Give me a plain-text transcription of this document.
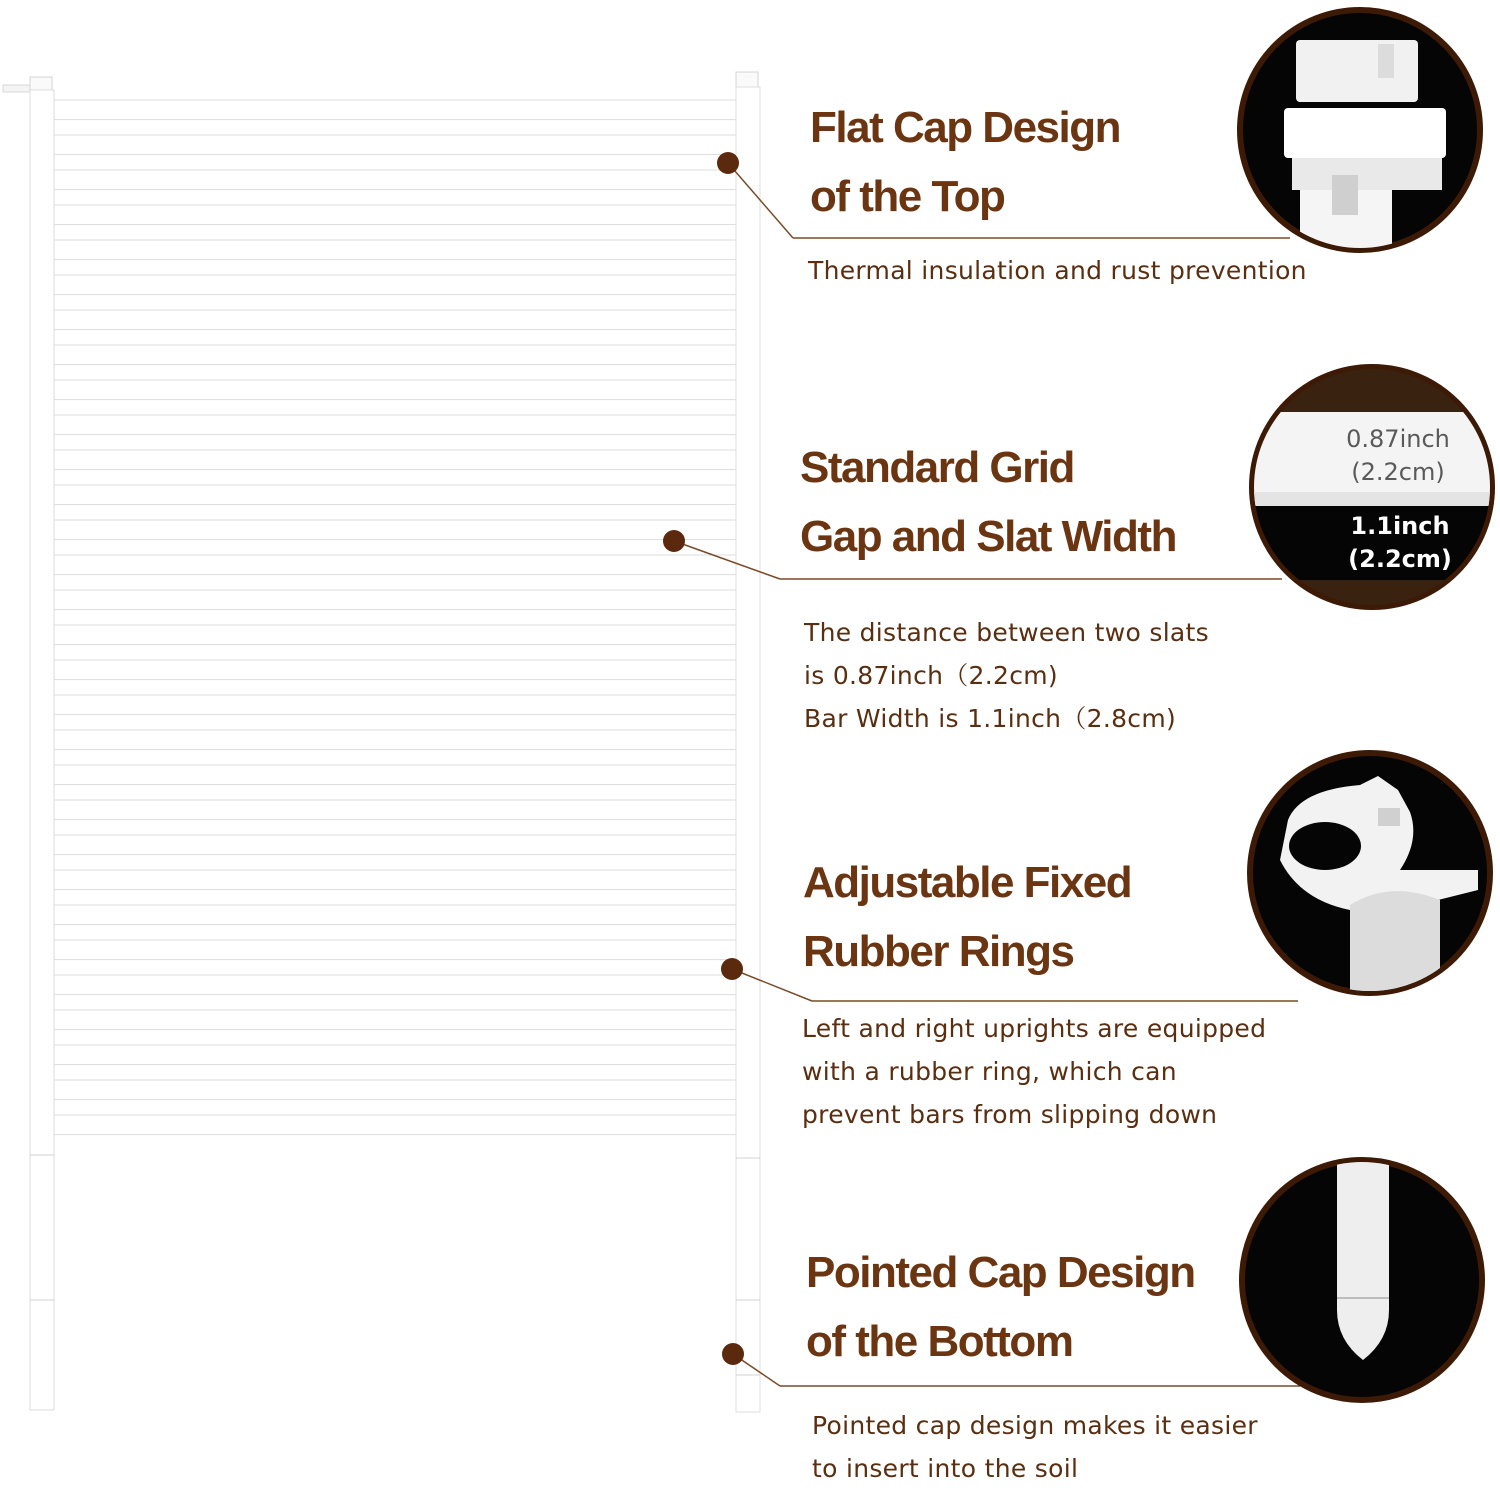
Flat Cap Design
of the Top

Thermal insulation and rust prevention

Standard Grid
Gap and Slat Width

The distance between two slats
is 0.87inch（2.2cm)
Bar Width is 1.1inch（2.8cm)

0.87inch
(2.2cm)
1.1inch
(2.2cm)
Adjustable Fixed
Rubber Rings

Left and right uprights are equipped
with a rubber ring, which can
prevent bars from slipping down

Pointed Cap Design
of the Bottom

Pointed cap design makes it easier
to insert into the soil
